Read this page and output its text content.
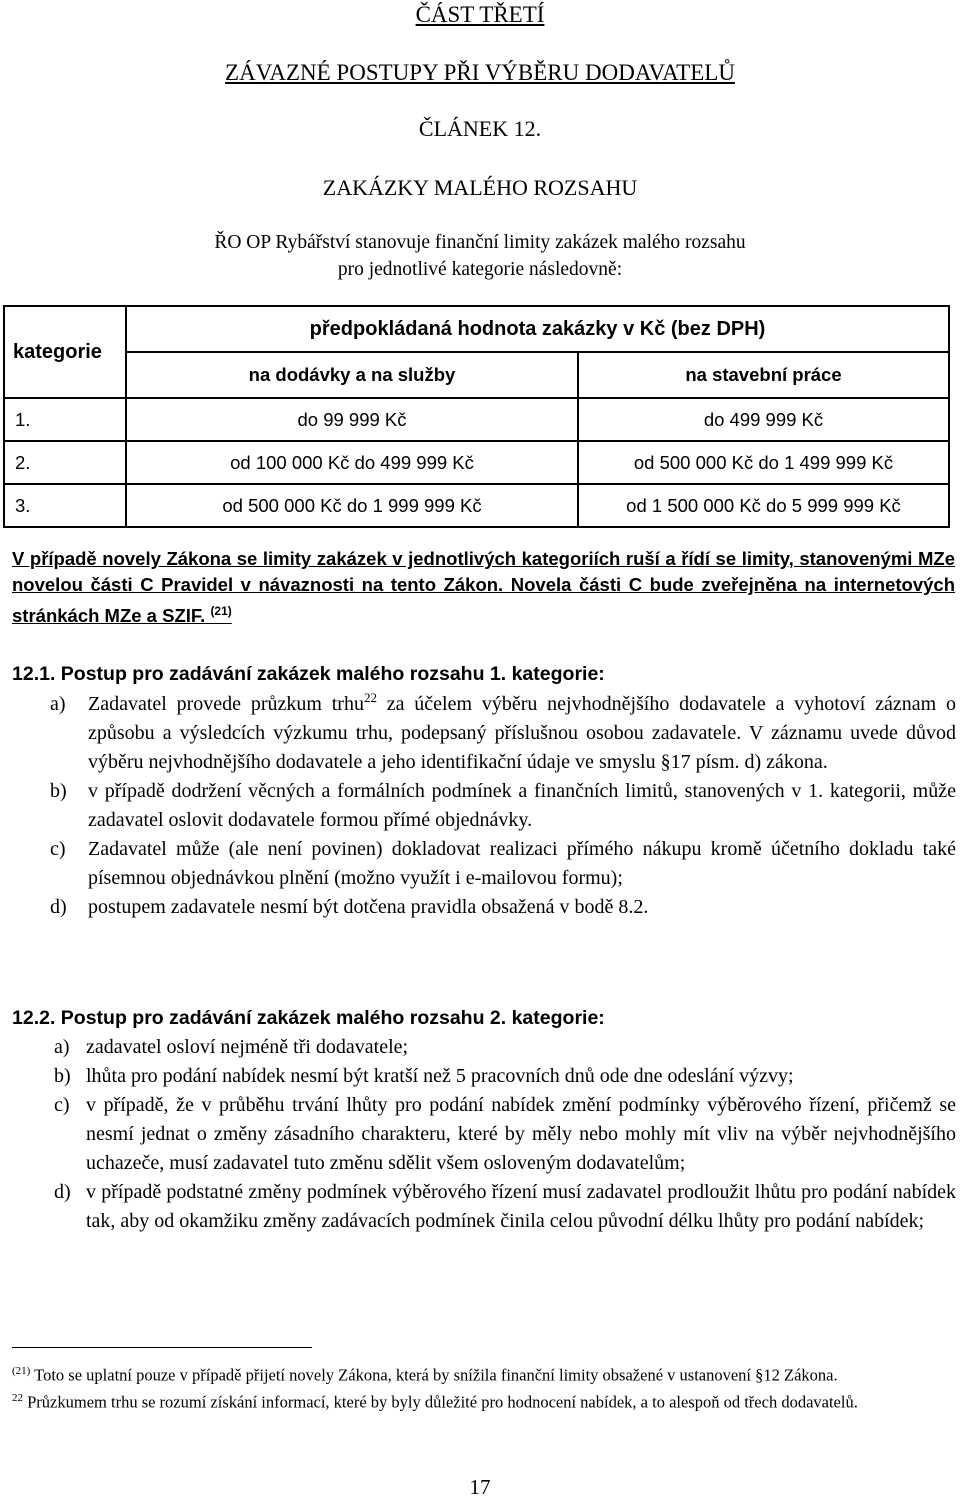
ČÁST TŘETÍ
ZÁVAZNÉ POSTUPY PŘI VÝBĚRU DODAVATELŮ
ČLÁNEK 12.
ZAKÁZKY MALÉHO ROZSAHU
ŘO OP Rybářství stanovuje finanční limity zakázek malého rozsahu
pro jednotlivé kategorie následovně:
kategorie	předpokládaná hodnota zakázky v Kč (bez DPH)	
	na dodávky a na služby	na stavební práce
1.	do 99 999 Kč	do 499 999 Kč
2.	od 100 000 Kč do 499 999 Kč	od 500 000 Kč do 1 499 999 Kč
3.	od 500 000 Kč do 1 999 999 Kč	od 1 500 000 Kč do 5 999 999 Kč
V případě novely Zákona se limity zakázek v jednotlivých kategoriích ruší a řídí se limity, stanovenými MZe novelou části C Pravidel v návaznosti na tento Zákon. Novela části C bude zveřejněna na internetových stránkách MZe a SZIF. $^{(21)}$
12.1. Postup pro zadávání zakázek malého rozsahu 1. kategorie:
a) Zadavatel provede průzkum trhu$^{22}$ za účelem výběru nejvhodnějšího dodavatele a vyhotoví záznam o způsobu a výsledcích výzkumu trhu, podepsaný příslušnou osobou zadavatele. V záznamu uvede důvod výběru nejvhodnějšího dodavatele a jeho identifikační údaje ve smyslu §17 písm. d) zákona.
b) v případě dodržení věcných a formálních podmínek a finančních limitů, stanovených v 1. kategorii, může zadavatel oslovit dodavatele formou přímé objednávky.
c) Zadavatel může (ale není povinen) dokladovat realizaci přímého nákupu kromě účetního dokladu také písemnou objednávkou plnění (možno využít i e-mailovou formu);
d) postupem zadavatele nesmí být dotčena pravidla obsažená v bodě 8.2.
12.2. Postup pro zadávání zakázek malého rozsahu 2. kategorie:
a) zadavatel osloví nejméně tři dodavatele;
b) lhůta pro podání nabídek nesmí být kratší než 5 pracovních dnů ode dne odeslání výzvy;
c) v případě, že v průběhu trvání lhůty pro podání nabídek změní podmínky výběrového řízení, přičemž se nesmí jednat o změny zásadního charakteru, které by měly nebo mohly mít vliv na výběr nejvhodnějšího uchazeče, musí zadavatel tuto změnu sdělit všem osloveným dodavatelům;
d) v případě podstatné změny podmínek výběrového řízení musí zadavatel prodloužit lhůtu pro podání nabídek tak, aby od okamžiku změny zadávacích podmínek činila celou původní délku lhůty pro podání nabídek;
$^{(21)}$ Toto se uplatní pouze v případě přijetí novely Zákona, která by snížila finanční limity obsažené v ustanovení §12 Zákona.
$^{22}$ Průzkumem trhu se rozumí získání informací, které by byly důležité pro hodnocení nabídek, a to alespoň od třech dodavatelů.
17
